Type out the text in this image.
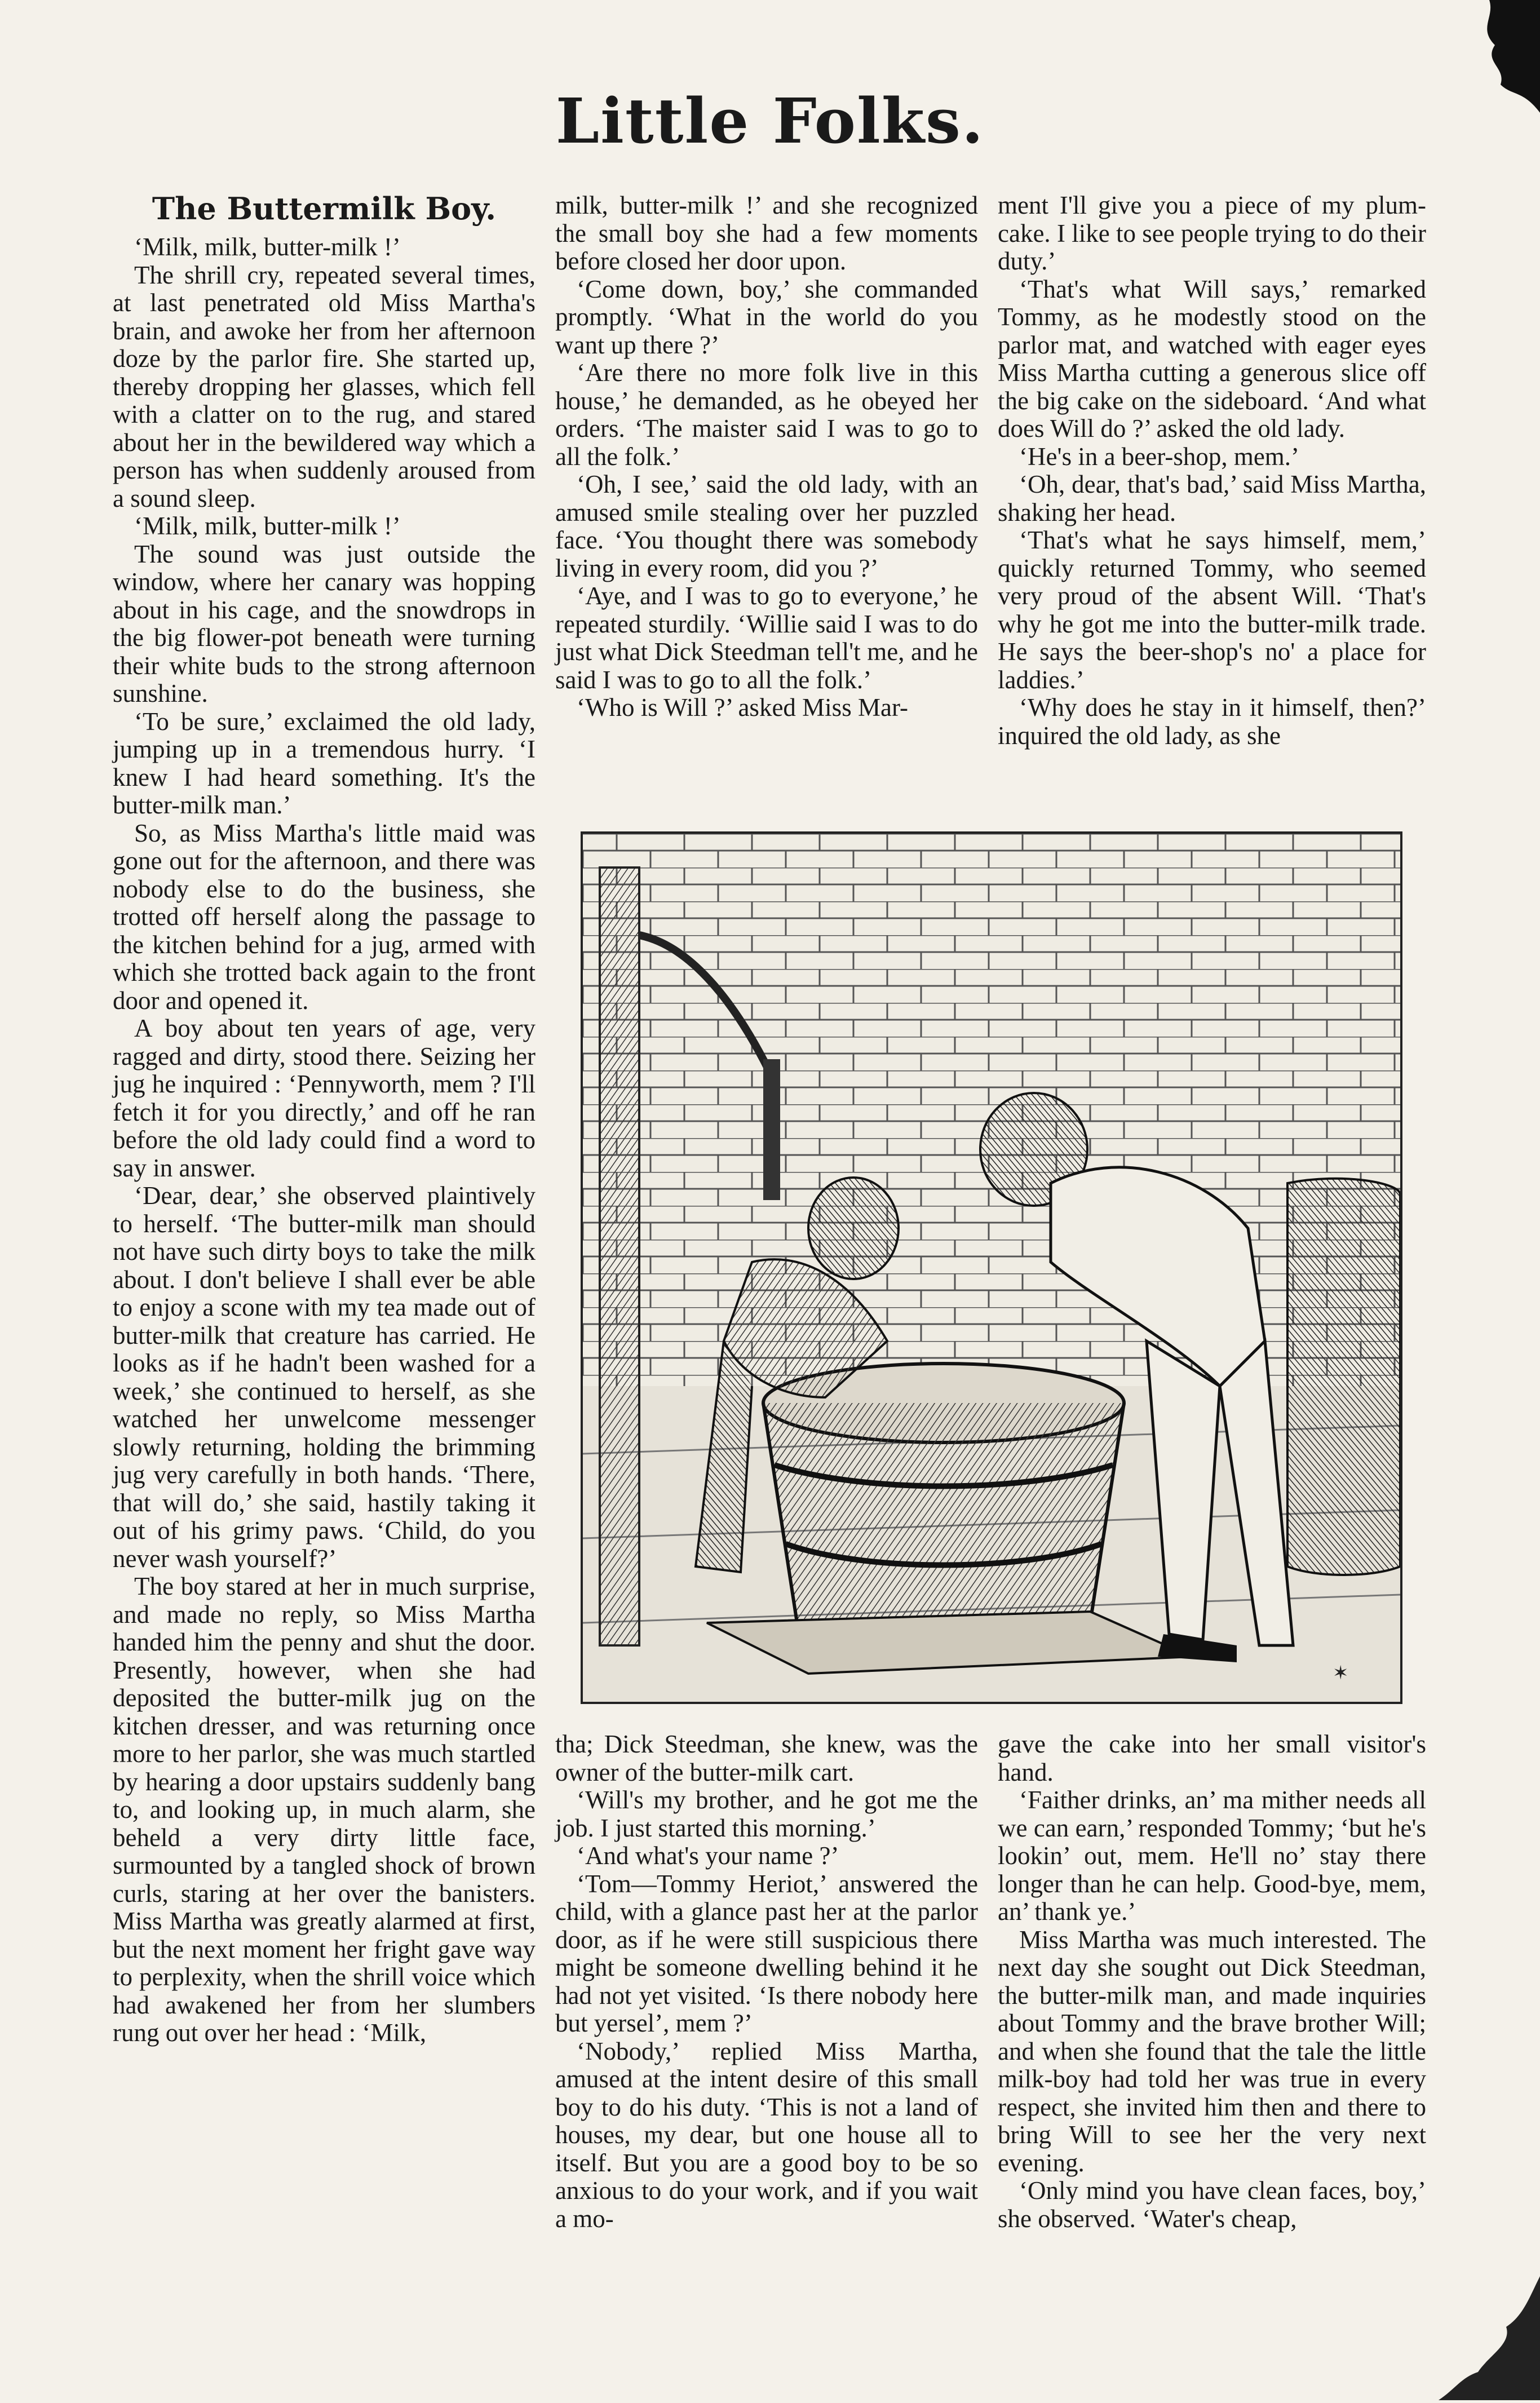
Little Folks.
The Buttermilk Boy.

‘Milk, milk, butter-milk !’

The shrill cry, repeated several times, at last penetrated old Miss Martha's brain, and awoke her from her afternoon doze by the parlor fire. She started up, thereby dropping her glasses, which fell with a clatter on to the rug, and stared about her in the bewildered way which a person has when suddenly aroused from a sound sleep.

‘Milk, milk, butter-milk !’

The sound was just outside the window, where her canary was hopping about in his cage, and the snowdrops in the big flower-pot beneath were turning their white buds to the strong afternoon sunshine.

‘To be sure,’ exclaimed the old lady, jumping up in a tremendous hurry. ‘I knew I had heard something. It's the butter-milk man.’

So, as Miss Martha's little maid was gone out for the afternoon, and there was nobody else to do the business, she trotted off herself along the passage to the kitchen behind for a jug, armed with which she trotted back again to the front door and opened it.

A boy about ten years of age, very ragged and dirty, stood there. Seizing her jug he inquired : ‘Pennyworth, mem ? I'll fetch it for you directly,’ and off he ran before the old lady could find a word to say in answer.

‘Dear, dear,’ she observed plaintively to herself. ‘The butter-milk man should not have such dirty boys to take the milk about. I don't believe I shall ever be able to enjoy a scone with my tea made out of butter-milk that creature has carried. He looks as if he hadn't been washed for a week,’ she continued to herself, as she watched her unwelcome messenger slowly returning, holding the brimming jug very carefully in both hands. ‘There, that will do,’ she said, hastily taking it out of his grimy paws. ‘Child, do you never wash yourself?’

The boy stared at her in much surprise, and made no reply, so Miss Martha handed him the penny and shut the door. Presently, however, when she had deposited the butter-milk jug on the kitchen dresser, and was returning once more to her parlor, she was much startled by hearing a door upstairs suddenly bang to, and looking up, in much alarm, she beheld a very dirty little face, surmounted by a tangled shock of brown curls, staring at her over the banisters. Miss Martha was greatly alarmed at first, but the next moment her fright gave way to perplexity, when the shrill voice which had awakened her from her slumbers rung out over her head : ‘Milk,

milk, butter-milk !’ and she recognized the small boy she had a few moments before closed her door upon.

‘Come down, boy,’ she commanded promptly. ‘What in the world do you want up there ?’

‘Are there no more folk live in this house,’ he demanded, as he obeyed her orders. ‘The maister said I was to go to all the folk.’

‘Oh, I see,’ said the old lady, with an amused smile stealing over her puzzled face. ‘You thought there was somebody living in every room, did you ?’

‘Aye, and I was to go to everyone,’ he repeated sturdily. ‘Willie said I was to do just what Dick Steedman tell't me, and he said I was to go to all the folk.’

‘Who is Will ?’ asked Miss Mar-

ment I'll give you a piece of my plum-cake. I like to see people trying to do their duty.’

‘That's what Will says,’ remarked Tommy, as he modestly stood on the parlor mat, and watched with eager eyes Miss Martha cutting a generous slice off the big cake on the sideboard. ‘And what does Will do ?’ asked the old lady.

‘He's in a beer-shop, mem.’

‘Oh, dear, that's bad,’ said Miss Martha, shaking her head.

‘That's what he says himself, mem,’ quickly returned Tommy, who seemed very proud of the absent Will. ‘That's why he got me into the butter-milk trade. He says the beer-shop's no' a place for laddies.’

‘Why does he stay in it himself, then?’ inquired the old lady, as she

✶

tha; Dick Steedman, she knew, was the owner of the butter-milk cart.

‘Will's my brother, and he got me the job. I just started this morning.’

‘And what's your name ?’

‘Tom—Tommy Heriot,’ answered the child, with a glance past her at the parlor door, as if he were still suspicious there might be someone dwelling behind it he had not yet visited. ‘Is there nobody here but yersel’, mem ?’

‘Nobody,’ replied Miss Martha, amused at the intent desire of this small boy to do his duty. ‘This is not a land of houses, my dear, but one house all to itself. But you are a good boy to be so anxious to do your work, and if you wait a mo-

gave the cake into her small visitor's hand.

‘Faither drinks, an’ ma mither needs all we can earn,’ responded Tommy; ‘but he's lookin’ out, mem. He'll no’ stay there longer than he can help. Good-bye, mem, an’ thank ye.’

Miss Martha was much interested. The next day she sought out Dick Steedman, the butter-milk man, and made inquiries about Tommy and the brave brother Will; and when she found that the tale the little milk-boy had told her was true in every respect, she invited him then and there to bring Will to see her the very next evening.

‘Only mind you have clean faces, boy,’ she observed. ‘Water's cheap,
